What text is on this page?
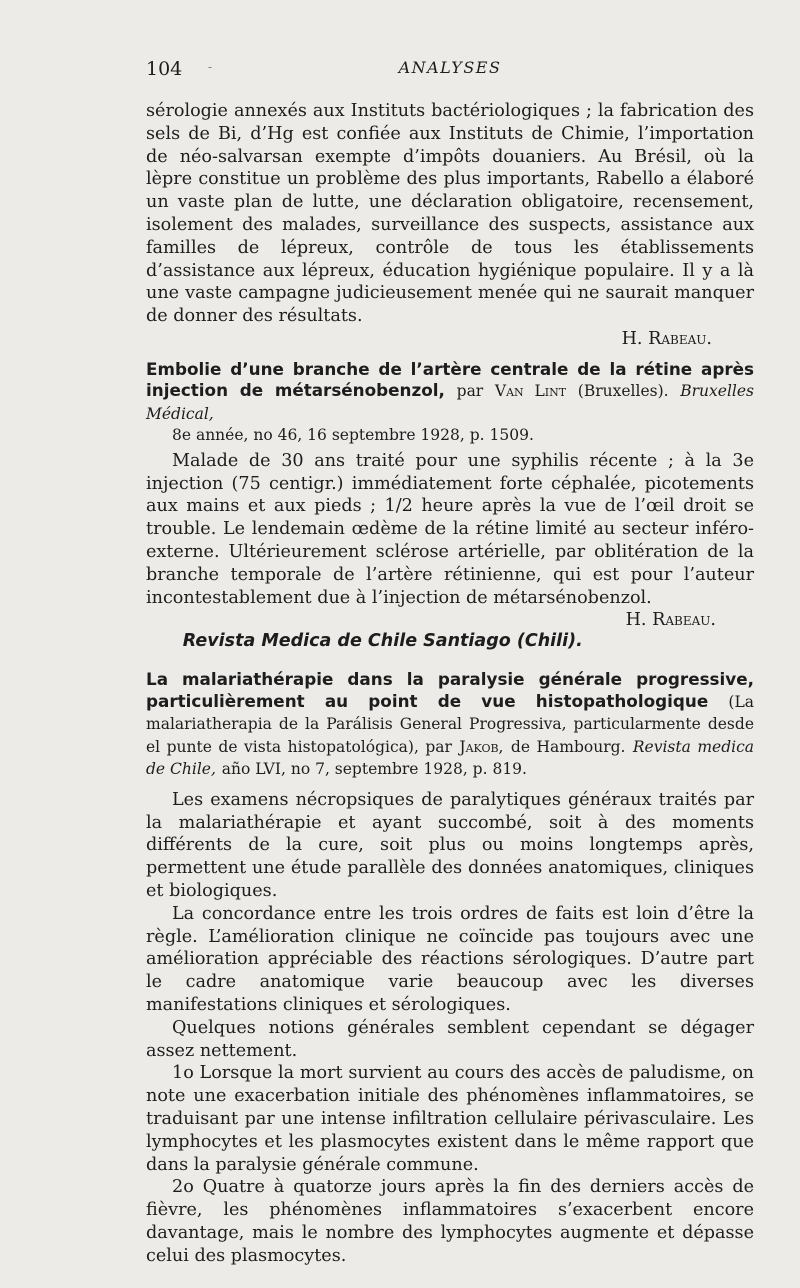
104 -	ANALYSES

sérologie annexés aux Instituts bactériologiques ; la fabrication des sels de Bi, d’Hg est confiée aux Instituts de Chimie, l’importation de néo-salvarsan exempte d’impôts douaniers. Au Brésil, où la lèpre constitue un problème des plus importants, Rabello a élaboré un vaste plan de lutte, une déclaration obligatoire, recensement, isolement des malades, surveillance des suspects, assistance aux familles de lépreux, contrôle de tous les établissements d’assistance aux lépreux, éducation hygiénique populaire. Il y a là une vaste campagne judicieusement menée qui ne saurait manquer de donner des résultats.

H. Rabeau.
Embolie d’une branche de l’artère centrale de la rétine après injection de métarsénobenzol, par Van Lint (Bruxelles). Bruxelles Médical,
8e année, no 46, 16 septembre 1928, p. 1509.

Malade de 30 ans traité pour une syphilis récente ; à la 3e injection (75 centigr.) immédiatement forte céphalée, picotements aux mains et aux pieds ; 1/2 heure après la vue de l’œil droit se trouble. Le lendemain œdème de la rétine limité au secteur inféro-externe. Ultérieurement sclérose artérielle, par oblitération de la branche temporale de l’artère rétinienne, qui est pour l’auteur incontestablement due à l’injection de métarsénobenzol.
H. Rabeau.

Revista Medica de Chile Santiago (Chili).
La malariathérapie dans la paralysie générale progressive, particulièrement au point de vue histopathologique (La malariatherapia de la Parálisis General Progressiva, particularmente desde el punte de vista histopatológica), par Jakob, de Hambourg. Revista medica de Chile, año LVI, no 7, septembre 1928, p. 819.

Les examens nécropsiques de paralytiques généraux traités par la malariathérapie et ayant succombé, soit à des moments différents de la cure, soit plus ou moins longtemps après, permettent une étude parallèle des données anatomiques, cliniques et biologiques.

La concordance entre les trois ordres de faits est loin d’être la règle. L’amélioration clinique ne coïncide pas toujours avec une amélioration appréciable des réactions sérologiques. D’autre part le cadre anatomique varie beaucoup avec les diverses manifestations cliniques et sérologiques.

Quelques notions générales semblent cependant se dégager assez nettement.

1o Lorsque la mort survient au cours des accès de paludisme, on note une exacerbation initiale des phénomènes inflammatoires, se traduisant par une intense infiltration cellulaire périvasculaire. Les lymphocytes et les plasmocytes existent dans le même rapport que dans la paralysie générale commune.

2o Quatre à quatorze jours après la fin des derniers accès de fièvre, les phénomènes inflammatoires s’exacerbent encore davantage, mais le nombre des lymphocytes augmente et dépasse celui des plasmocytes.
